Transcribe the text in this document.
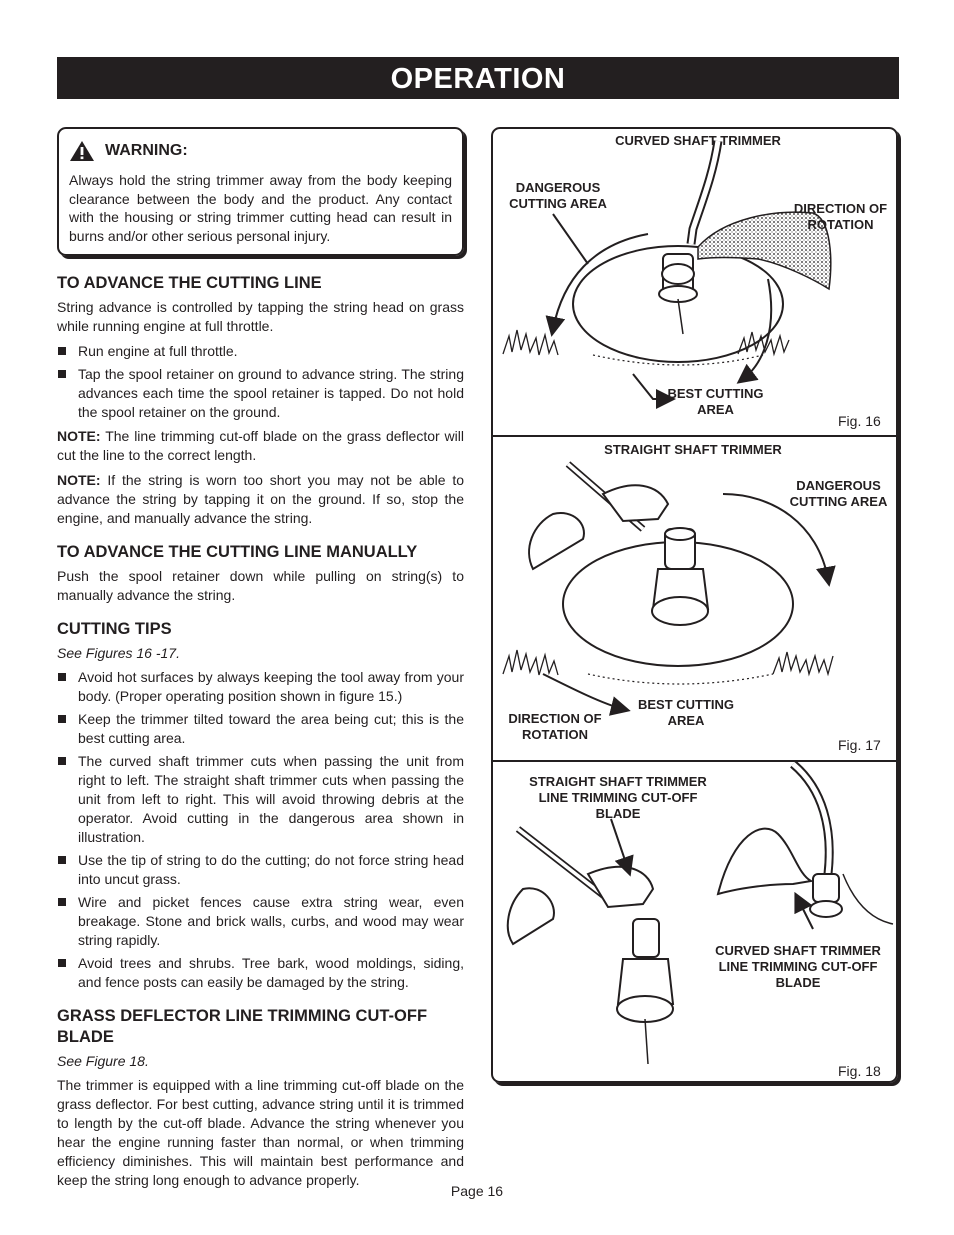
OPERATION
WARNING:
Always hold the string trimmer away from the body keeping clearance between the body and the product. Any contact with the housing or string trimmer cutting head can result in burns and/or other serious personal injury.
TO ADVANCE THE CUTTING LINE

String advance is controlled by tapping the string head on grass while running engine at full throttle.

Run engine at full throttle.
Tap the spool retainer on ground to advance string. The string advances each time the spool retainer is tapped. Do not hold the spool retainer on the ground.

NOTE: The line trimming cut-off blade on the grass deflector will cut the line to the correct length.

NOTE: If the string is worn too short you may not be able to advance the string by tapping it on the ground. If so, stop the engine, and manually advance the string.

TO ADVANCE THE CUTTING LINE MANUALLY

Push the spool retainer down while pulling on string(s) to manually advance the string.

CUTTING TIPS

See Figures 16 -17.

Avoid hot surfaces by always keeping the tool away from your body. (Proper operating position shown in figure 15.)
Keep the trimmer tilted toward the area being cut; this is the best cutting area.
The curved shaft trimmer cuts when passing the unit from right to left. The straight shaft trimmer cuts when passing the unit from left to right. This will avoid throwing debris at the operator. Avoid cutting in the dangerous area shown in illustration.
Use the tip of string to do the cutting; do not force string head into uncut grass.
Wire and picket fences cause extra string wear, even breakage. Stone and brick walls, curbs, and wood may wear string rapidly.
Avoid trees and shrubs. Tree bark, wood moldings, siding, and fence posts can easily be damaged by the string.
GRASS DEFLECTOR LINE TRIMMING CUT-OFF BLADE

See Figure 18.

The trimmer is equipped with a line trimming cut-off blade on the grass deflector. For best cutting, advance string until it is trimmed to length by the cut-off blade. Advance the string whenever you hear the engine running faster than normal, or when trimming efficiency diminishes. This will maintain best performance and keep the string long enough to advance properly.

CURVED SHAFT TRIMMER
DANGEROUS CUTTING AREA	DIRECTION OF ROTATION
BEST CUTTING AREA
Fig. 16
STRAIGHT SHAFT TRIMMER
DANGEROUS CUTTING AREA
BEST CUTTING AREA
DIRECTION OF ROTATION
Fig. 17
STRAIGHT SHAFT TRIMMER LINE TRIMMING CUT-OFF BLADE
CURVED SHAFT TRIMMER LINE TRIMMING CUT-OFF BLADE
Fig. 18
Page 16
